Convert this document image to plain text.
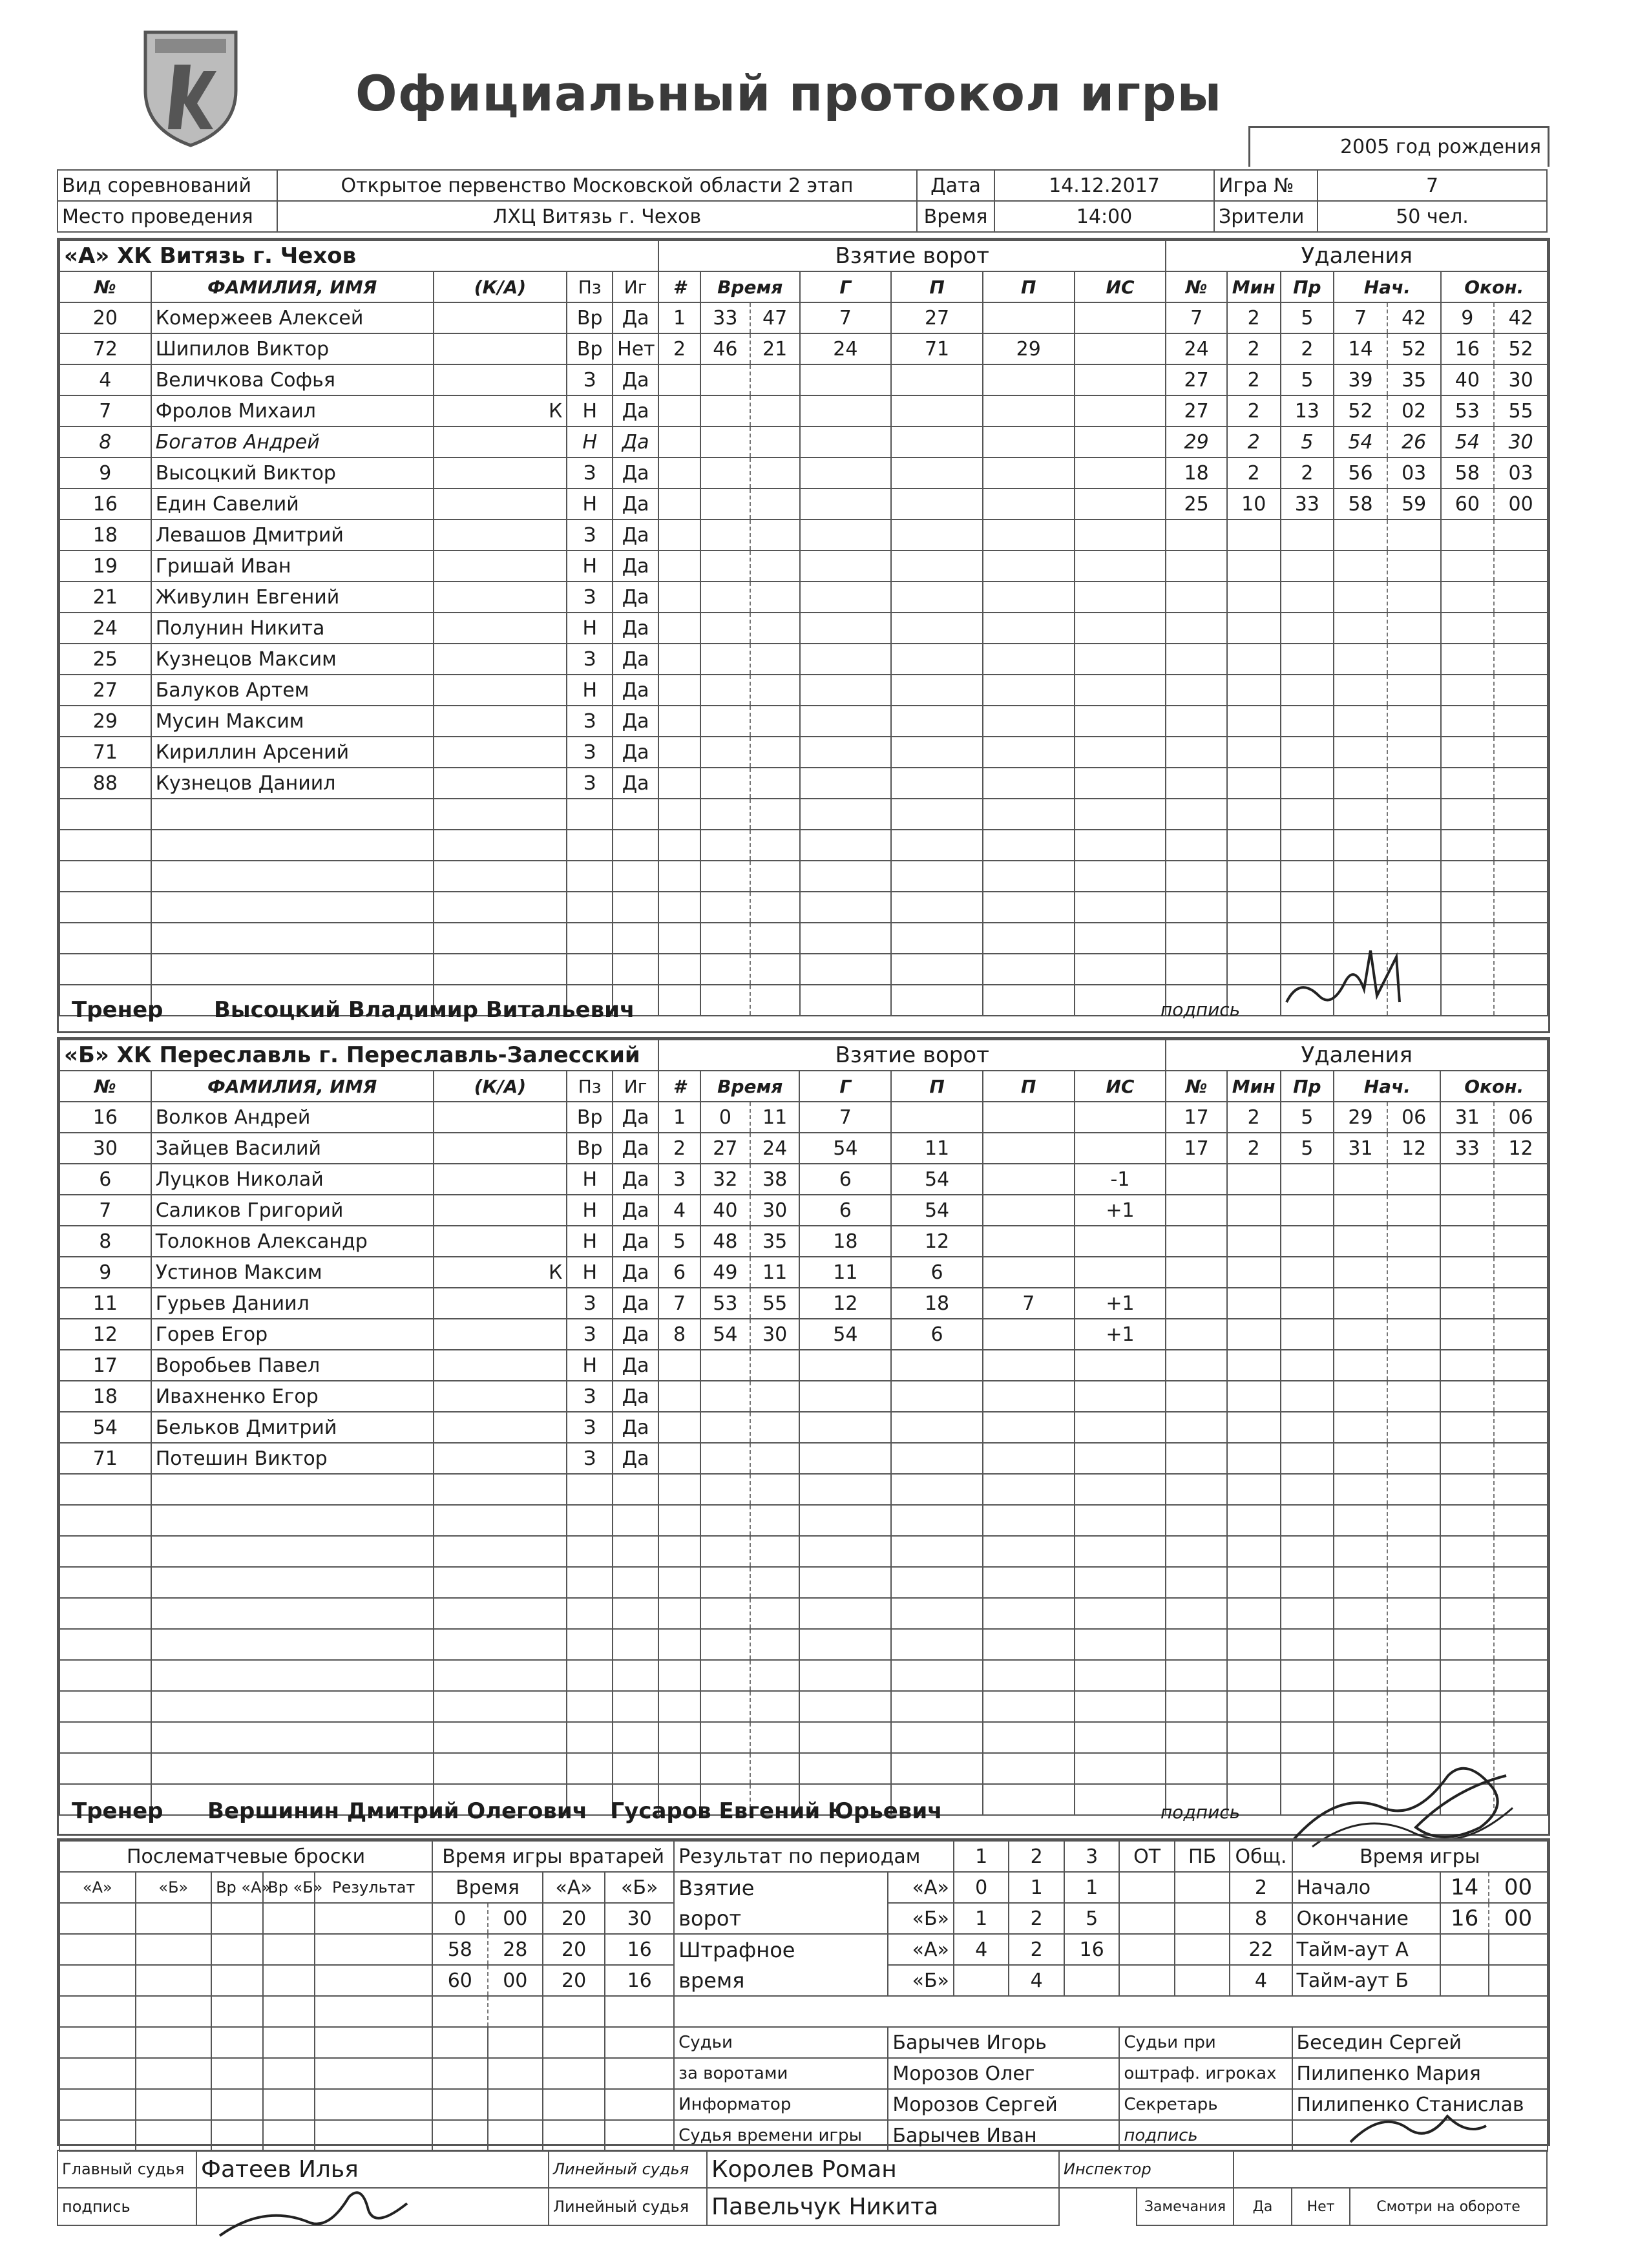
Официальный протокол игры
2005 год рождения
Вид соревнований	Открытое первенство Московской области 2 этап	Дата	14.12.2017	Игра №	7
Место проведения	ЛХЦ Витязь г. Чехов	Время	14:00	Зрители	50 чел.
«А» ХК Витязь г. Чехов					Взятие ворот							Удаления						
№	ФАМИЛИЯ, ИМЯ	(К/А)	Пз	Иг	#	Время		Г	П	П	ИС	№	Мин	Пр	Нач.		Окон.	
20	Комержеев Алексей		Вр	Да	1	33	47	7	27			7	2	5	7	42	9	42
72	Шипилов Виктор		Вр	Нет	2	46	21	24	71	29		24	2	2	14	52	16	52
4	Величкова Софья		З	Да								27	2	5	39	35	40	30
7	Фролов Михаил	К	Н	Да								27	2	13	52	02	53	55
8	Богатов Андрей		Н	Да								29	2	5	54	26	54	30
9	Высоцкий Виктор		З	Да								18	2	2	56	03	58	03
16	Един Савелий		Н	Да								25	10	33	58	59	60	00
18	Левашов Дмитрий		З	Да														
19	Гришай Иван		Н	Да														
21	Живулин Евгений		З	Да														
24	Полунин Никита		Н	Да														
25	Кузнецов Максим		З	Да														
27	Балуков Артем		Н	Да														
29	Мусин Максим		З	Да														
71	Кириллин Арсений		З	Да														
88	Кузнецов Даниил		З	Да														

Тренер Высоцкий Владимир Витальевич	подпись
«Б» ХК Переславль г. Переславль-Залесский					Взятие ворот							Удаления						
№	ФАМИЛИЯ, ИМЯ	(К/А)	Пз	Иг	#	Время		Г	П	П	ИС	№	Мин	Пр	Нач.		Окон.	
16	Волков Андрей		Вр	Да	1	0	11	7				17	2	5	29	06	31	06
30	Зайцев Василий		Вр	Да	2	27	24	54	11			17	2	5	31	12	33	12
6	Луцков Николай		Н	Да	3	32	38	6	54		-1							
7	Саликов Григорий		Н	Да	4	40	30	6	54		+1							
8	Толокнов Александр		Н	Да	5	48	35	18	12									
9	Устинов Максим	К	Н	Да	6	49	11	11	6									
11	Гурьев Даниил		З	Да	7	53	55	12	18	7	+1							
12	Горев Егор		З	Да	8	54	30	54	6		+1							
17	Воробьев Павел		Н	Да														
18	Ивахненко Егор		З	Да														
54	Бельков Дмитрий		З	Да														
71	Потешин Виктор		З	Да														

Тренер Вершинин Дмитрий Олегович   Гусаров Евгений Юрьевич	подпись
Послематчевые броски					Время игры вратарей				Результат по периодам		1	2	3	ОТ	ПБ	Общ.	Время игры		
«А»	«Б»	Вр «А»	Вр «Б»	Результат	Время		«А»	«Б»	Взятие	«А»	0	1	1			2	Начало	14	00
					0	00	20	30	ворот	«Б»	1	2	5			8	Окончание	16	00
					58	28	20	16	Штрафное	«А»	4	2	16			22	Тайм-аут А		
					60	00	20	16	время	«Б»		4				4	Тайм-аут Б		

									Судьи	Барычев Игорь				Судьи при			Беседин Сергей		
									за воротами	Морозов Олег				оштраф. игроках			Пилипенко Мария		
									Информатор	Морозов Сергей				Секретарь			Пилипенко Станислав		
									Судья времени игры	Барычев Иван				подпись					
Главный судья	Фатеев Илья	Линейный судья	Королев Роман	Инспектор				
подпись		Линейный судья	Павельчук Никита		Замечания	Да	Нет	Смотри на обороте
